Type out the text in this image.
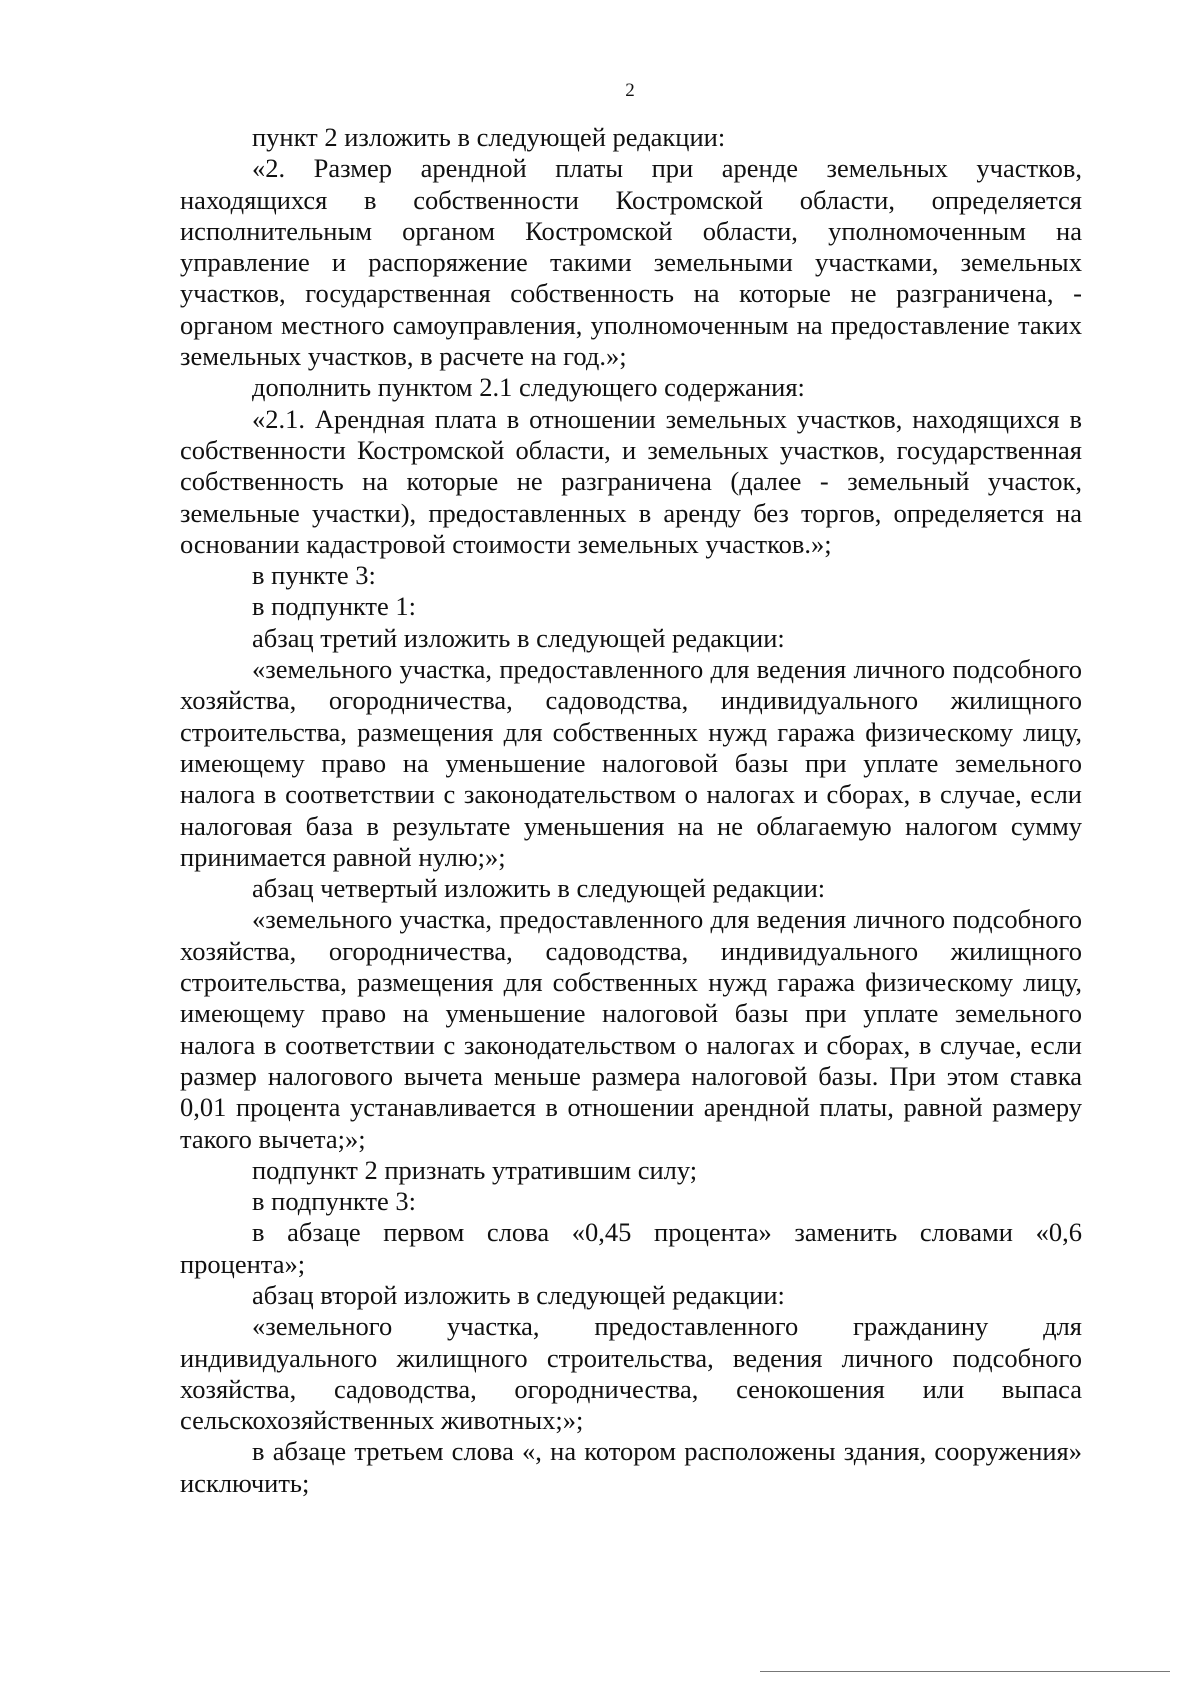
2

пункт 2 изложить в следующей редакции:

«2. Размер арендной платы при аренде земельных участков, находящихся в собственности Костромской области, определяется исполнительным органом Костромской области, уполномоченным на управление и распоряжение такими земельными участками, земельных участков, государственная собственность на которые не разграничена, - органом местного самоуправления, уполномоченным на предоставление таких земельных участков, в расчете на год.»;

дополнить пунктом 2.1 следующего содержания:

«2.1. Арендная плата в отношении земельных участков, находящихся в собственности Костромской области, и земельных участков, государственная собственность на которые не разграничена (далее - земельный участок, земельные участки), предоставленных в аренду без торгов, определяется на основании кадастровой стоимости земельных участков.»;

в пункте 3:

в подпункте 1:

абзац третий изложить в следующей редакции:

«земельного участка, предоставленного для ведения личного подсобного хозяйства, огородничества, садоводства, индивидуального жилищного строительства, размещения для собственных нужд гаража физическому лицу, имеющему право на уменьшение налоговой базы при уплате земельного налога в соответствии с законодательством о налогах и сборах, в случае, если налоговая база в результате уменьшения на не облагаемую налогом сумму принимается равной нулю;»;

абзац четвертый изложить в следующей редакции:

«земельного участка, предоставленного для ведения личного подсобного хозяйства, огородничества, садоводства, индивидуального жилищного строительства, размещения для собственных нужд гаража физическому лицу, имеющему право на уменьшение налоговой базы при уплате земельного налога в соответствии с законодательством о налогах и сборах, в случае, если размер налогового вычета меньше размера налоговой базы. При этом ставка 0,01 процента устанавливается в отношении арендной платы, равной размеру такого вычета;»;

подпункт 2 признать утратившим силу;

в подпункте 3:

в абзаце первом слова «0,45 процента» заменить словами «0,6 процента»;

абзац второй изложить в следующей редакции:

«земельного участка, предоставленного гражданину для индивидуального жилищного строительства, ведения личного подсобного хозяйства, садоводства, огородничества, сенокошения или выпаса сельскохозяйственных животных;»;

в абзаце третьем слова «, на котором расположены здания, сооружения» исключить;
